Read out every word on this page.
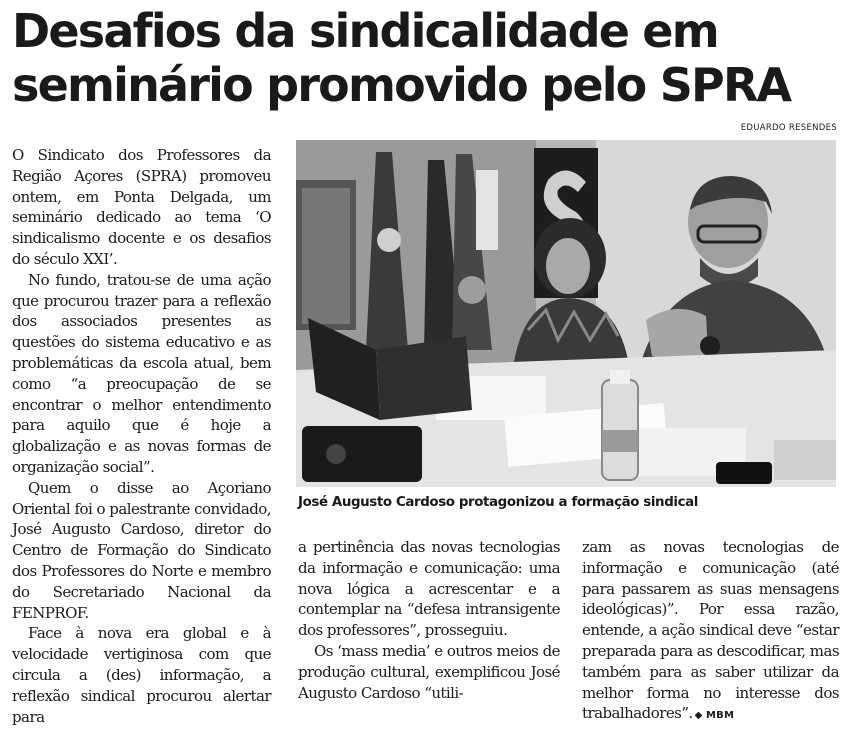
Desafios da sindicalidade em seminário promovido pelo SPRA
EDUARDO RESENDES

O Sindicato dos Professores da Região Açores (SPRA) promoveu ontem, em Ponta Delgada, um seminário dedicado ao tema ‘O sindicalismo docente e os desafios do século XXI’.

No fundo, tratou-se de uma ação que procurou trazer para a reflexão dos associados presentes as questões do sistema educativo e as problemáticas da escola atual, bem como “a preocupação de se encontrar o melhor entendimento para aquilo que é hoje a globalização e as novas formas de organização social”.

Quem o disse ao Açoriano Oriental foi o palestrante convidado, José Augusto Cardoso, diretor do Centro de Formação do Sindicato dos Professores do Norte e membro do Secretariado Nacional da FENPROF.

Face à nova era global e à velocidade vertiginosa com que circula a (des) informação, a reflexão sindical procurou alertar para

José Augusto Cardoso protagonizou a formação sindical

a pertinência das novas tecnologias da informação e comunicação: uma nova lógica a acrescentar e a contemplar na “defesa intransigente dos professores”, prosseguiu.

Os ‘mass media’ e outros meios de produção cultural, exemplificou José Augusto Cardoso “utili-

zam as novas tecnologias de informação e comunicação (até para passarem as suas mensagens ideológicas)”. Por essa razão, entende, a ação sindical deve “estar preparada para as descodificar, mas também para as saber utilizar da melhor forma no interesse dos trabalhadores”. ◆ MBM
